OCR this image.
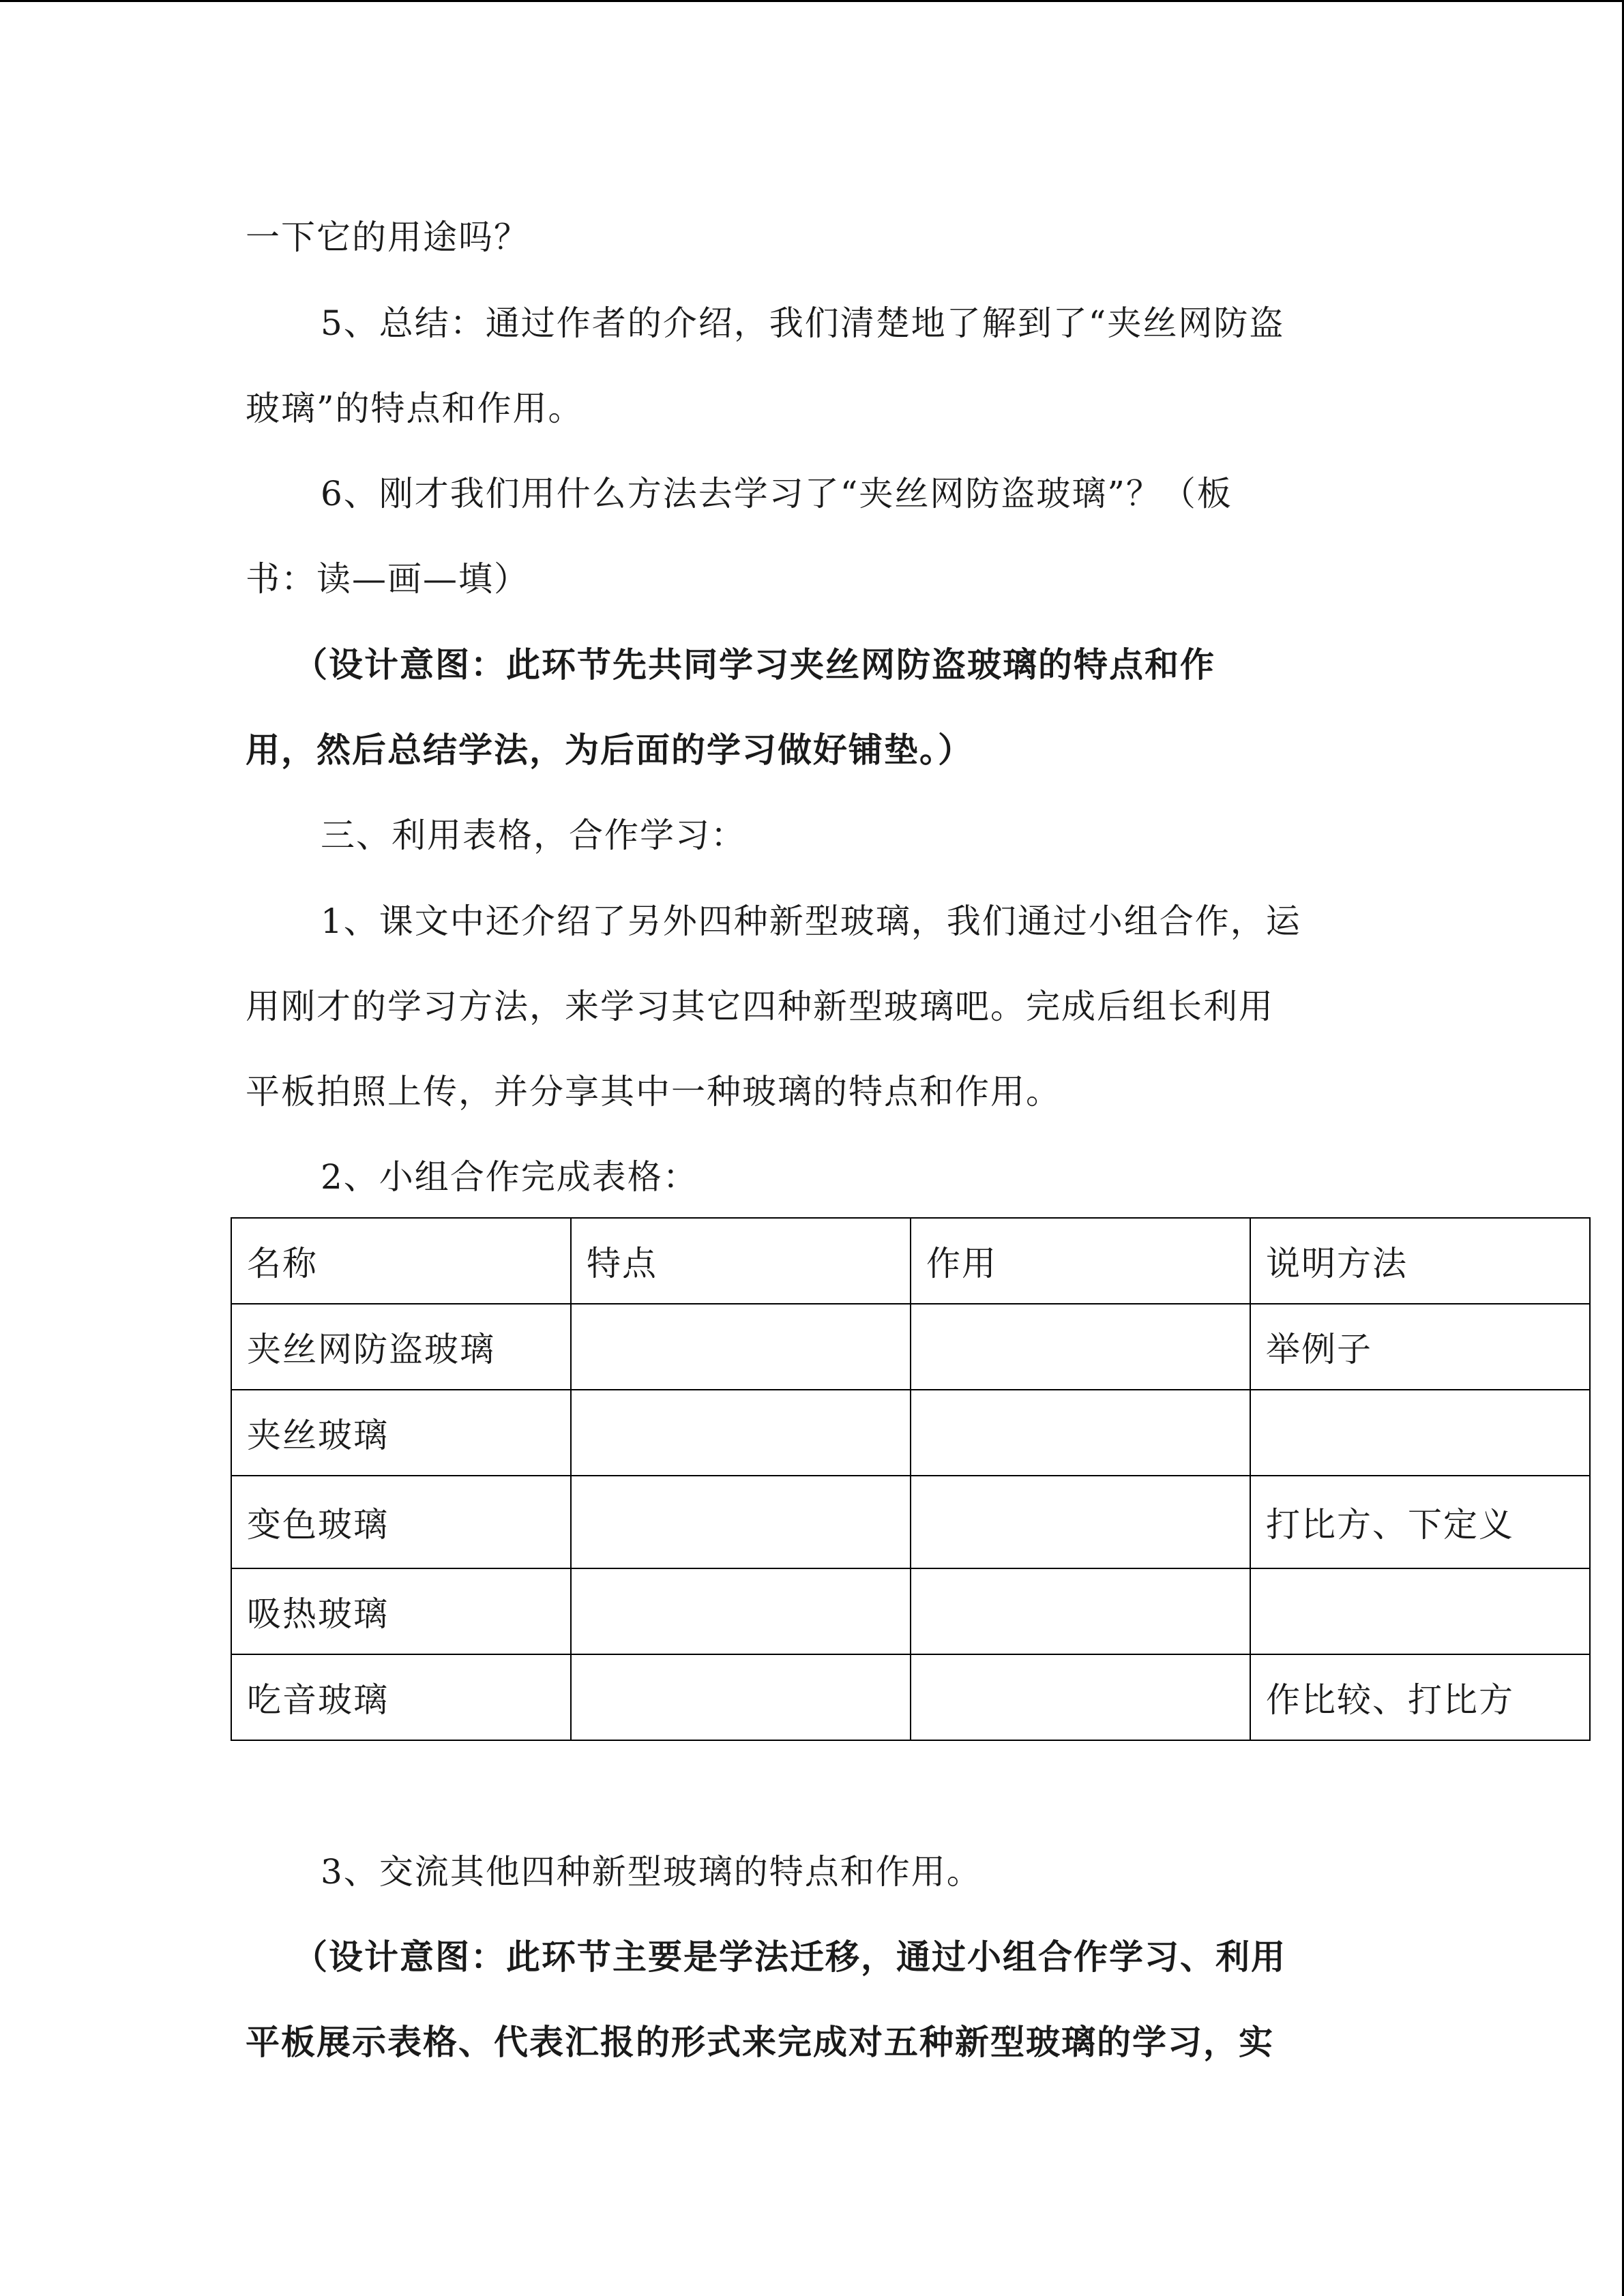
一下它的用途吗？
5、总结：通过作者的介绍，我们清楚地了解到了“夹丝网防盗
玻璃”的特点和作用。
6、刚才我们用什么方法去学习了“夹丝网防盗玻璃”？（板
书：读—画—填）
（设计意图：此环节先共同学习夹丝网防盗玻璃的特点和作
用，然后总结学法，为后面的学习做好铺垫。）
三、利用表格，合作学习：
1、课文中还介绍了另外四种新型玻璃，我们通过小组合作，运
用刚才的学习方法，来学习其它四种新型玻璃吧。完成后组长利用
平板拍照上传，并分享其中一种玻璃的特点和作用。
2、小组合作完成表格：
名称	特点	作用	说明方法
夹丝网防盗玻璃			举例子
夹丝玻璃			
变色玻璃			打比方、下定义
吸热玻璃			
吃音玻璃			作比较、打比方
3、交流其他四种新型玻璃的特点和作用。
（设计意图：此环节主要是学法迁移，通过小组合作学习、利用
平板展示表格、代表汇报的形式来完成对五种新型玻璃的学习，实
